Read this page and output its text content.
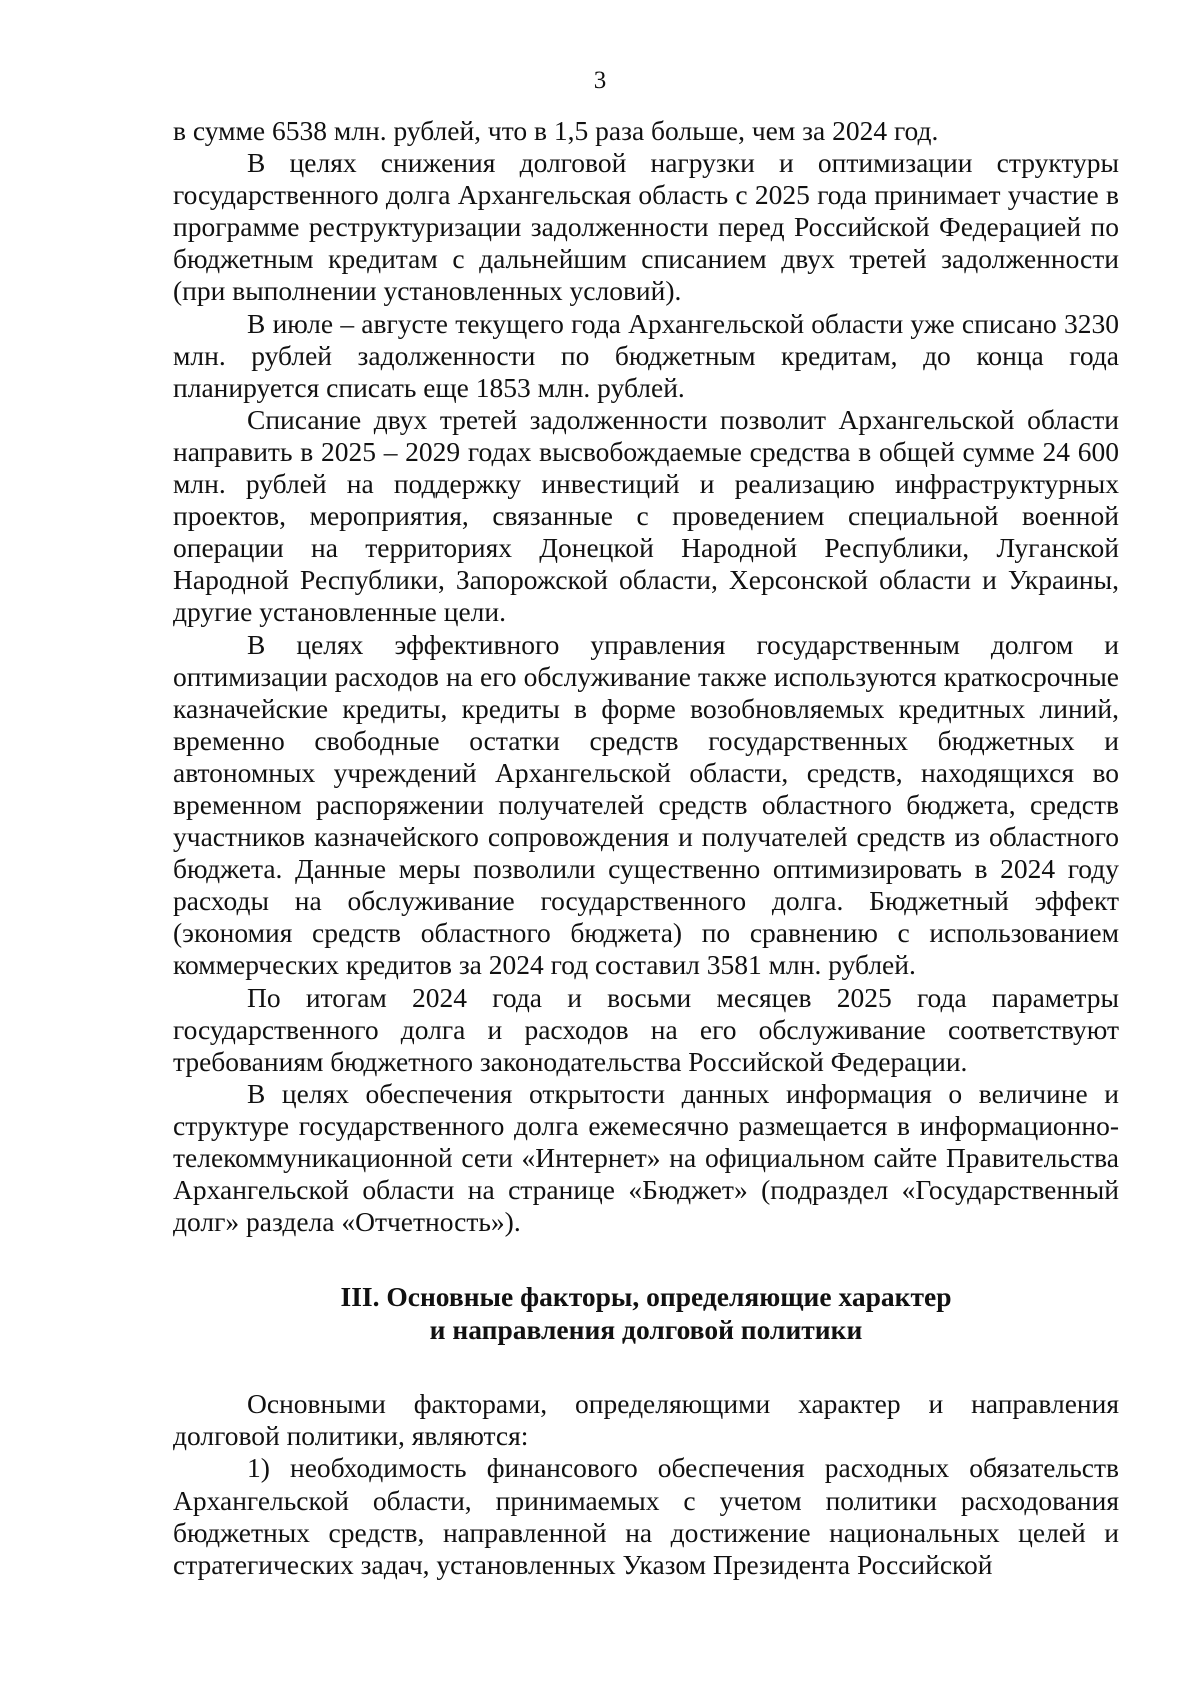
3

в сумме 6538 млн. рублей, что в 1,5 раза больше, чем за 2024 год.

В целях снижения долговой нагрузки и оптимизации структуры государственного долга Архангельская область с 2025 года принимает участие в программе реструктуризации задолженности перед Российской Федерацией по бюджетным кредитам с дальнейшим списанием двух третей задолженности (при выполнении установленных условий).

В июле – августе текущего года Архангельской области уже списано 3230 млн. рублей задолженности по бюджетным кредитам, до конца года планируется списать еще 1853 млн. рублей.

Списание двух третей задолженности позволит Архангельской области направить в 2025 – 2029 годах высвобождаемые средства в общей сумме 24 600 млн. рублей на поддержку инвестиций и реализацию инфраструктурных проектов, мероприятия, связанные с проведением специальной военной операции на территориях Донецкой Народной Республики, Луганской Народной Республики, Запорожской области, Херсонской области и Украины, другие установленные цели.

В целях эффективного управления государственным долгом и оптимизации расходов на его обслуживание также используются краткосрочные казначейские кредиты, кредиты в форме возобновляемых кредитных линий, временно свободные остатки средств государственных бюджетных и автономных учреждений Архангельской области, средств, находящихся во временном распоряжении получателей средств областного бюджета, средств участников казначейского сопровождения и получателей средств из областного бюджета. Данные меры позволили существенно оптимизировать в 2024 году расходы на обслуживание государственного долга. Бюджетный эффект (экономия средств областного бюджета) по сравнению с использованием коммерческих кредитов за 2024 год составил 3581 млн. рублей.

По итогам 2024 года и восьми месяцев 2025 года параметры государственного долга и расходов на его обслуживание соответствуют требованиям бюджетного законодательства Российской Федерации.

В целях обеспечения открытости данных информация о величине и структуре государственного долга ежемесячно размещается в информационно-телекоммуникационной сети «Интернет» на официальном сайте Правительства Архангельской области на странице «Бюджет» (подраздел «Государственный долг» раздела «Отчетность»).

III. Основные факторы, определяющие характер
и направления долговой политики

Основными факторами, определяющими характер и направления долговой политики, являются:

1) необходимость финансового обеспечения расходных обязательств Архангельской области, принимаемых с учетом политики расходования бюджетных средств, направленной на достижение национальных целей и стратегических задач, установленных Указом Президента Российской
